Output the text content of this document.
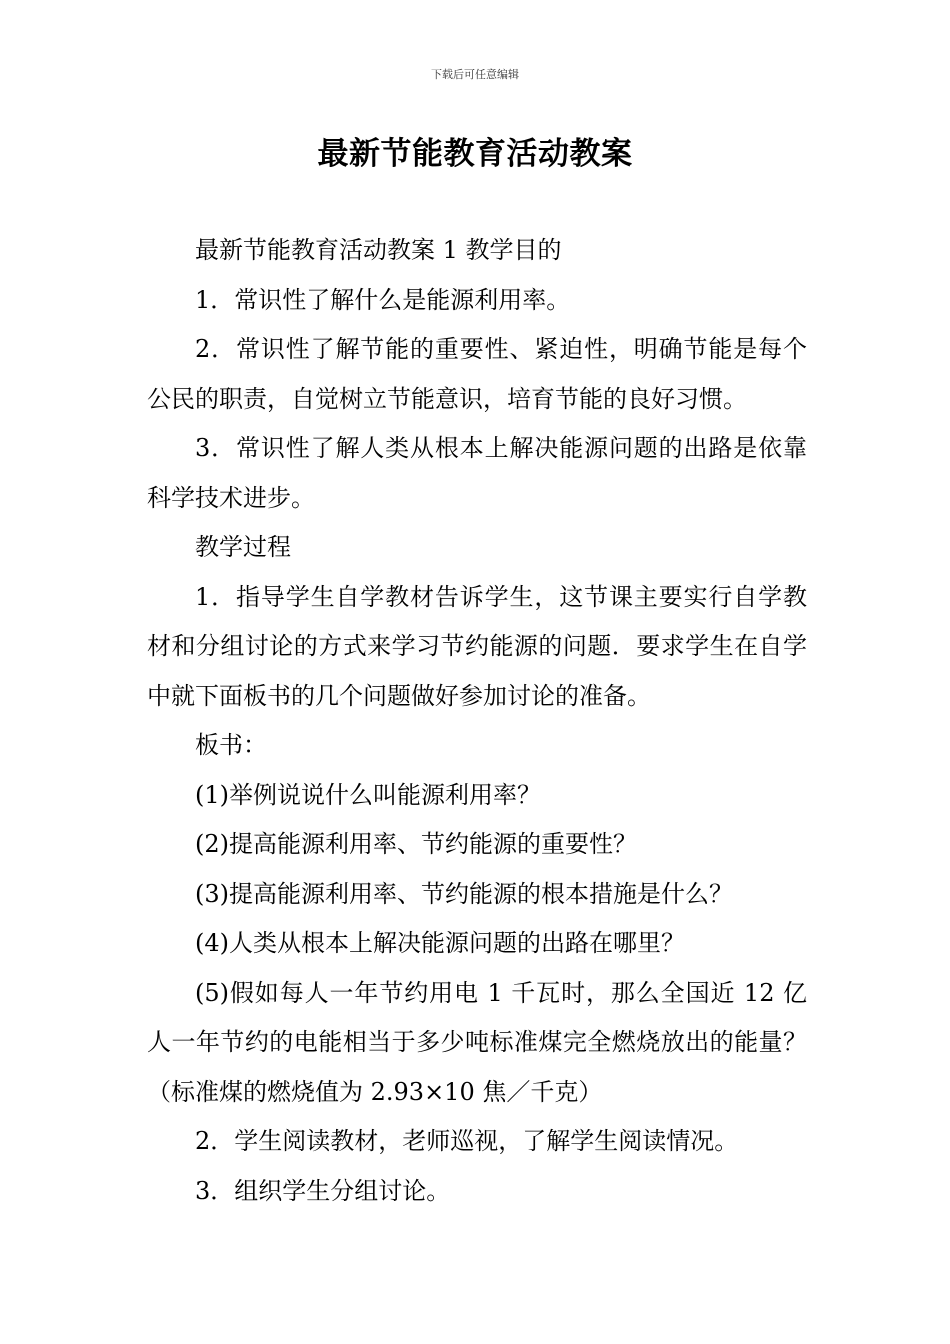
下载后可任意编辑
最新节能教育活动教案

最新节能教育活动教案 1 教学目的

1．常识性了解什么是能源利用率。

2．常识性了解节能的重要性、紧迫性，明确节能是每个公民的职责，自觉树立节能意识，培育节能的良好习惯。

3．常识性了解人类从根本上解决能源问题的出路是依靠科学技术进步。

教学过程

1．指导学生自学教材告诉学生，这节课主要实行自学教材和分组讨论的方式来学习节约能源的问题．要求学生在自学中就下面板书的几个问题做好参加讨论的准备。

板书：

(1)举例说说什么叫能源利用率？

(2)提高能源利用率、节约能源的重要性？

(3)提高能源利用率、节约能源的根本措施是什么？

(4)人类从根本上解决能源问题的出路在哪里？

(5)假如每人一年节约用电 1 千瓦时，那么全国近 12 亿人一年节约的电能相当于多少吨标准煤完全燃烧放出的能量？（标准煤的燃烧值为 2.93×10 焦／千克）

2．学生阅读教材，老师巡视，了解学生阅读情况。

3．组织学生分组讨论。
